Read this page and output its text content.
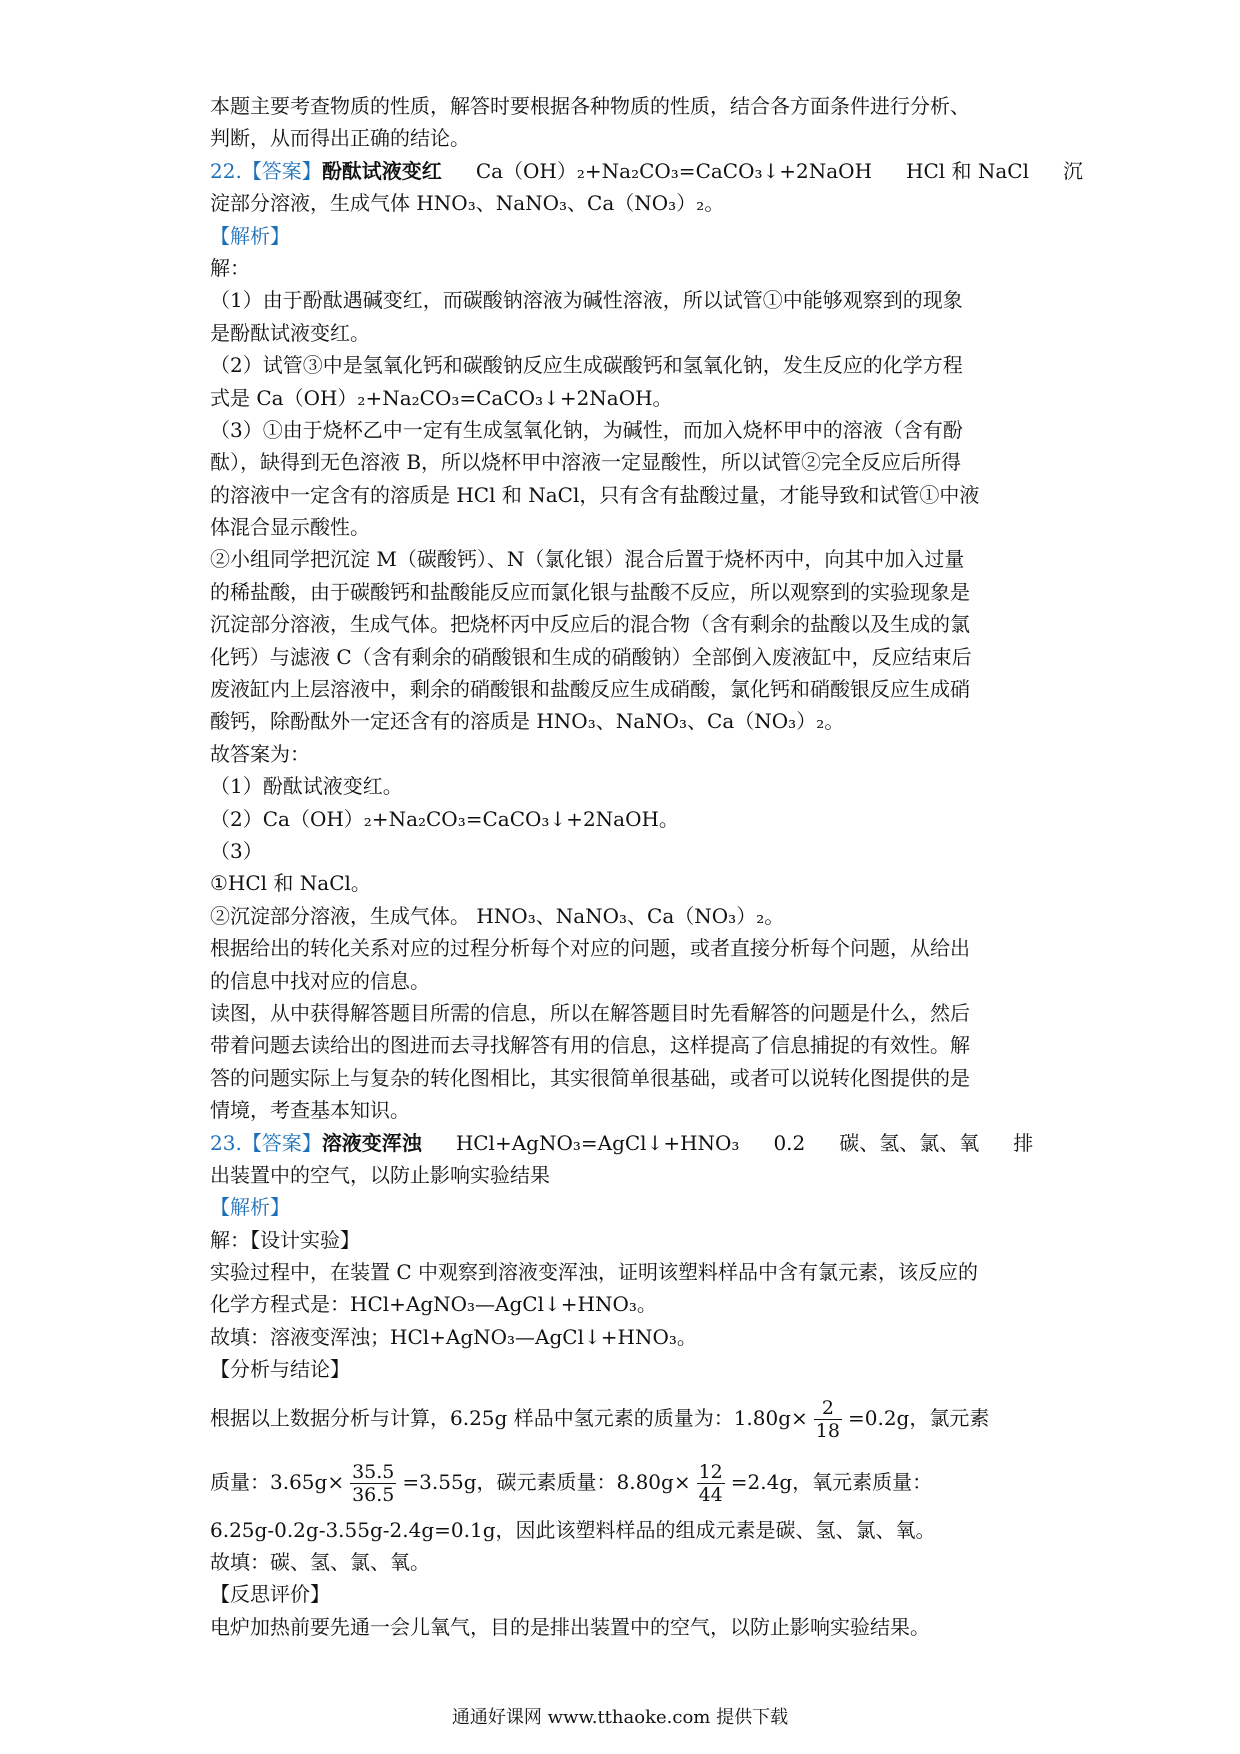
本题主要考查物质的性质，解答时要根据各种物质的性质，结合各方面条件进行分析、
判断，从而得出正确的结论。
22.【答案】酚酞试液变红 Ca（OH）₂+Na₂CO₃=CaCO₃↓+2NaOH HCl 和 NaCl 沉
淀部分溶液，生成气体 HNO₃、NaNO₃、Ca（NO₃）₂。
【解析】
解：
（1）由于酚酞遇碱变红，而碳酸钠溶液为碱性溶液，所以试管①中能够观察到的现象
是酚酞试液变红。
（2）试管③中是氢氧化钙和碳酸钠反应生成碳酸钙和氢氧化钠，发生反应的化学方程
式是 Ca（OH）₂+Na₂CO₃=CaCO₃↓+2NaOH。
（3）①由于烧杯乙中一定有生成氢氧化钠，为碱性，而加入烧杯甲中的溶液（含有酚
酞），缺得到无色溶液 B，所以烧杯甲中溶液一定显酸性，所以试管②完全反应后所得
的溶液中一定含有的溶质是 HCl 和 NaCl，只有含有盐酸过量，才能导致和试管①中液
体混合显示酸性。
②小组同学把沉淀 M（碳酸钙）、N（氯化银）混合后置于烧杯丙中，向其中加入过量
的稀盐酸，由于碳酸钙和盐酸能反应而氯化银与盐酸不反应，所以观察到的实验现象是
沉淀部分溶液，生成气体。把烧杯丙中反应后的混合物（含有剩余的盐酸以及生成的氯
化钙）与滤液 C（含有剩余的硝酸银和生成的硝酸钠）全部倒入废液缸中，反应结束后
废液缸内上层溶液中，剩余的硝酸银和盐酸反应生成硝酸，氯化钙和硝酸银反应生成硝
酸钙，除酚酞外一定还含有的溶质是 HNO₃、NaNO₃、Ca（NO₃）₂。
故答案为：
（1）酚酞试液变红。
（2）Ca（OH）₂+Na₂CO₃=CaCO₃↓+2NaOH。
（3）
①HCl 和 NaCl。
②沉淀部分溶液，生成气体。 HNO₃、NaNO₃、Ca（NO₃）₂。
根据给出的转化关系对应的过程分析每个对应的问题，或者直接分析每个问题，从给出
的信息中找对应的信息。
读图，从中获得解答题目所需的信息，所以在解答题目时先看解答的问题是什么，然后
带着问题去读给出的图进而去寻找解答有用的信息，这样提高了信息捕捉的有效性。解
答的问题实际上与复杂的转化图相比，其实很简单很基础，或者可以说转化图提供的是
情境，考查基本知识。
23.【答案】溶液变浑浊 HCl+AgNO₃=AgCl↓+HNO₃ 0.2 碳、氢、氯、氧 排
出装置中的空气，以防止影响实验结果
【解析】
解：【设计实验】
实验过程中，在装置 C 中观察到溶液变浑浊，证明该塑料样品中含有氯元素，该反应的
化学方程式是：HCl+AgNO₃—AgCl↓+HNO₃。
故填：溶液变浑浊；HCl+AgNO₃—AgCl↓+HNO₃。
【分析与结论】
根据以上数据分析与计算，6.25g 样品中氢元素的质量为：$1.80g\times \frac{2}{18} =0.2g$，氯元素
质量：$3.65g\times \frac{35.5}{36.5} =3.55g$，碳元素质量：$8.80g\times \frac{12}{44} =2.4g$，氧元素质量：
6.25g-0.2g-3.55g-2.4g=0.1g，因此该塑料样品的组成元素是碳、氢、氯、氧。
故填：碳、氢、氯、氧。
【反思评价】
电炉加热前要先通一会儿氧气，目的是排出装置中的空气，以防止影响实验结果。
通通好课网 www.tthaoke.com 提供下载
